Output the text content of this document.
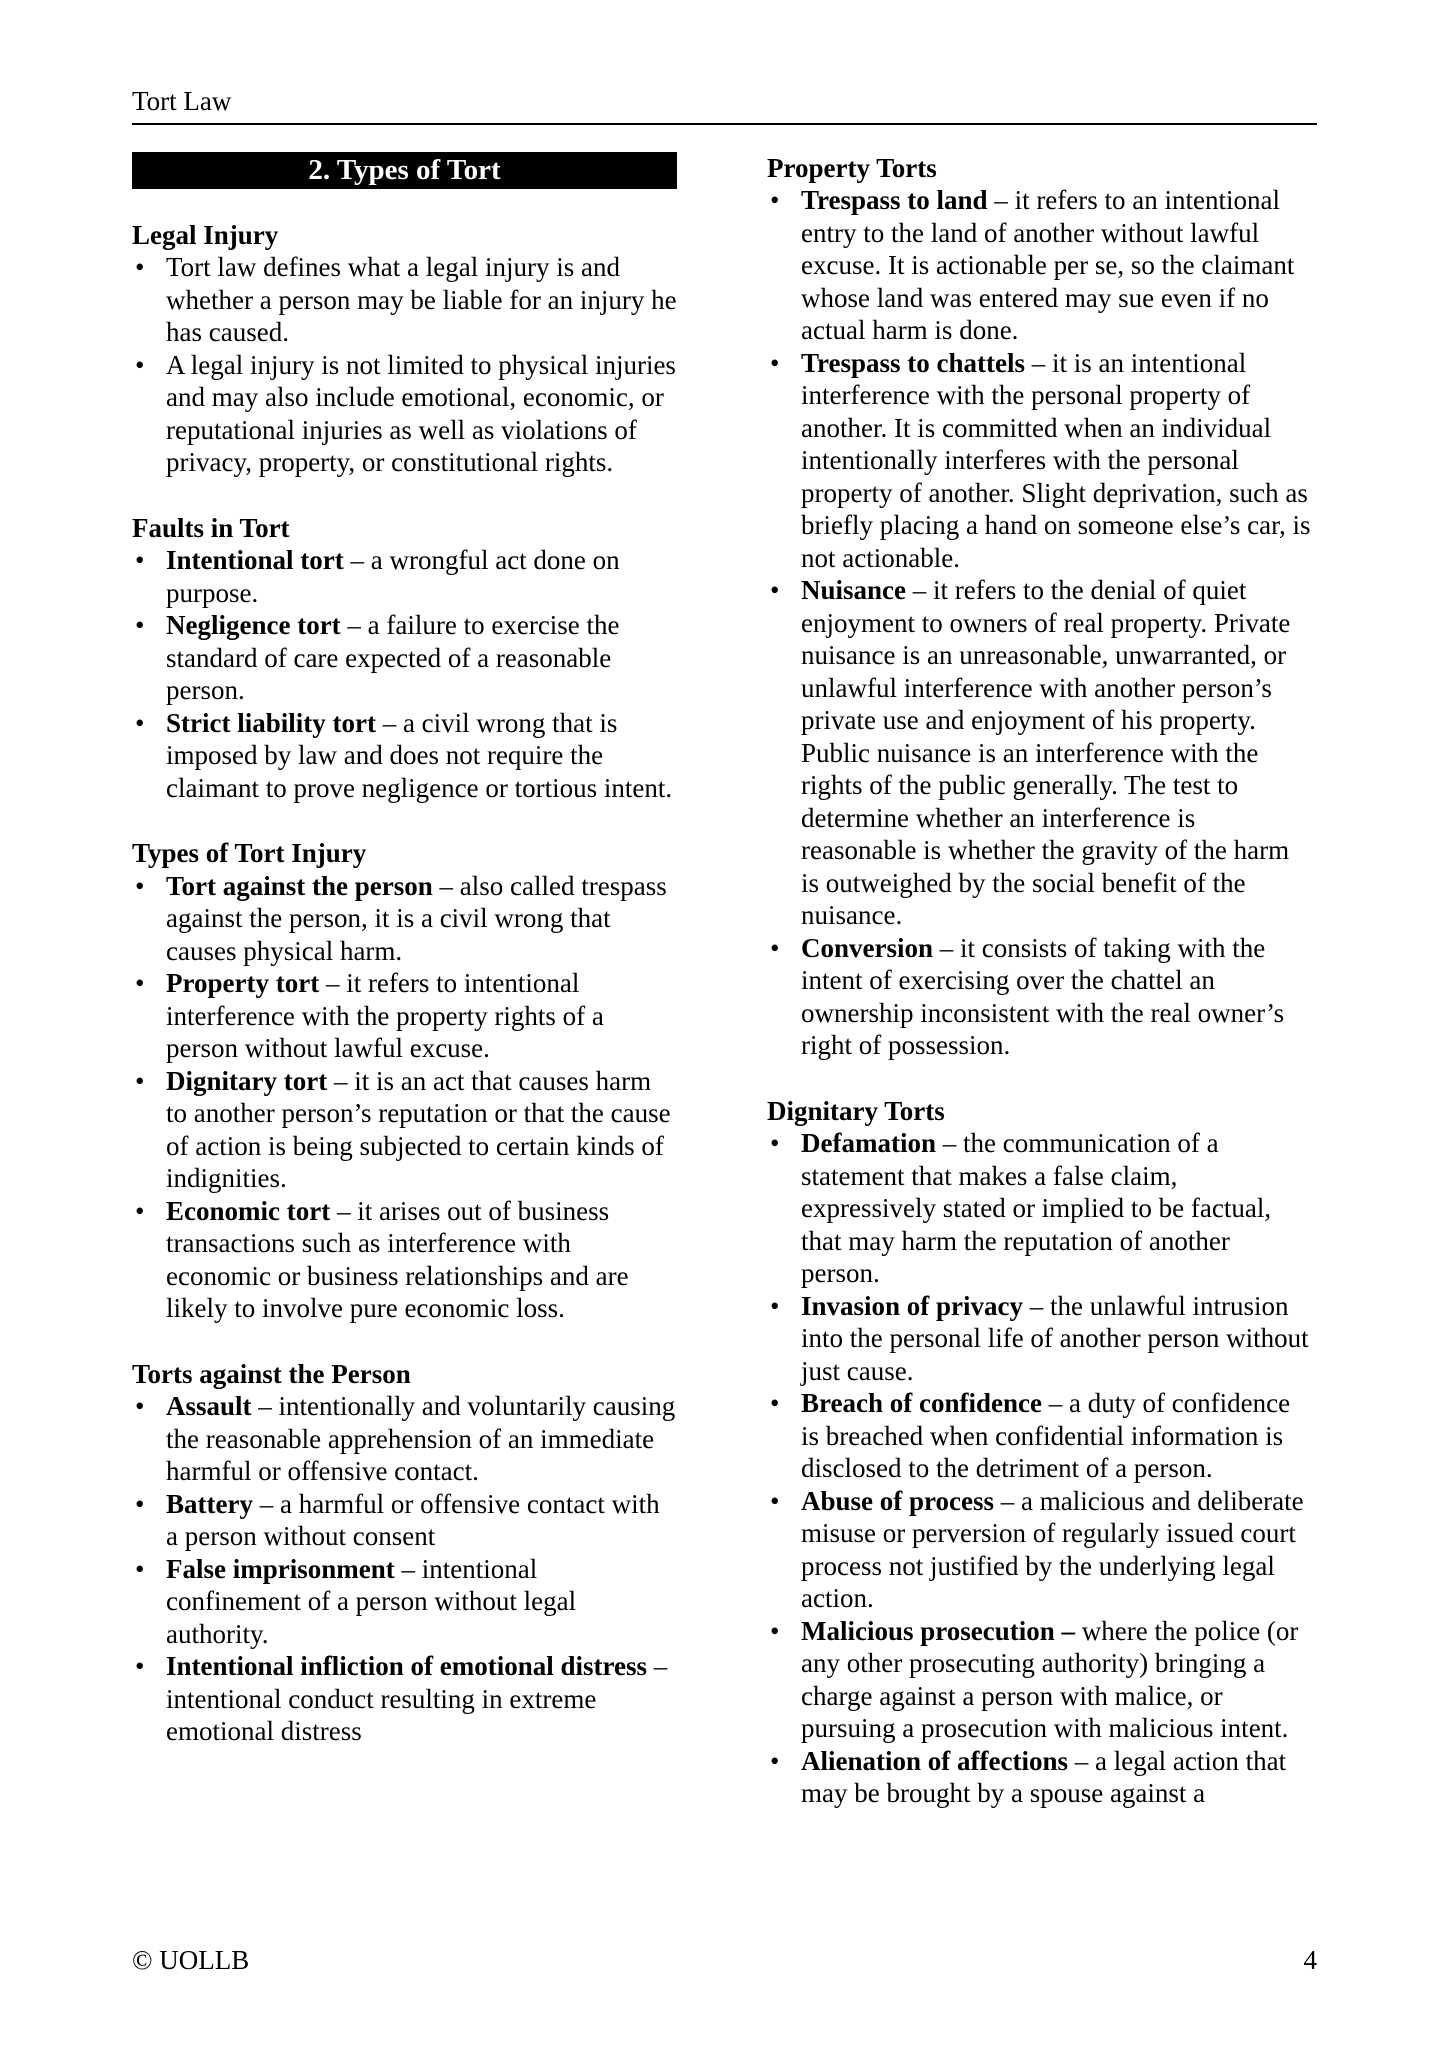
Tort Law
2. Types of Tort
Legal Injury
• Tort law defines what a legal injury is and whether a person may be liable for an injury he has caused.
• A legal injury is not limited to physical injuries and may also include emotional, economic, or reputational injuries as well as violations of privacy, property, or constitutional rights.
Faults in Tort
• Intentional tort – a wrongful act done on purpose.
• Negligence tort – a failure to exercise the standard of care expected of a reasonable person.
• Strict liability tort – a civil wrong that is imposed by law and does not require the claimant to prove negligence or tortious intent.
Types of Tort Injury
• Tort against the person – also called trespass against the person, it is a civil wrong that causes physical harm.
• Property tort – it refers to intentional interference with the property rights of a person without lawful excuse.
• Dignitary tort – it is an act that causes harm to another person’s reputation or that the cause of action is being subjected to certain kinds of indignities.
• Economic tort – it arises out of business transactions such as interference with economic or business relationships and are likely to involve pure economic loss.
Torts against the Person
• Assault – intentionally and voluntarily causing the reasonable apprehension of an immediate harmful or offensive contact.
• Battery – a harmful or offensive contact with a person without consent
• False imprisonment – intentional confinement of a person without legal authority.
• Intentional infliction of emotional distress – intentional conduct resulting in extreme emotional distress
Property Torts
• Trespass to land – it refers to an intentional entry to the land of another without lawful excuse. It is actionable per se, so the claimant whose land was entered may sue even if no actual harm is done.
• Trespass to chattels – it is an intentional interference with the personal property of another. It is committed when an individual intentionally interferes with the personal property of another. Slight deprivation, such as briefly placing a hand on someone else’s car, is not actionable.
• Nuisance – it refers to the denial of quiet enjoyment to owners of real property. Private nuisance is an unreasonable, unwarranted, or unlawful interference with another person’s private use and enjoyment of his property. Public nuisance is an interference with the rights of the public generally. The test to determine whether an interference is reasonable is whether the gravity of the harm is outweighed by the social benefit of the nuisance.
• Conversion – it consists of taking with the intent of exercising over the chattel an ownership inconsistent with the real owner’s right of possession.
Dignitary Torts
• Defamation – the communication of a statement that makes a false claim, expressively stated or implied to be factual, that may harm the reputation of another person.
• Invasion of privacy – the unlawful intrusion into the personal life of another person without just cause.
• Breach of confidence – a duty of confidence is breached when confidential information is disclosed to the detriment of a person.
• Abuse of process – a malicious and deliberate misuse or perversion of regularly issued court process not justified by the underlying legal action.
• Malicious prosecution – where the police (or any other prosecuting authority) bringing a charge against a person with malice, or pursuing a prosecution with malicious intent.
• Alienation of affections – a legal action that may be brought by a spouse against a
© UOLLB	4
